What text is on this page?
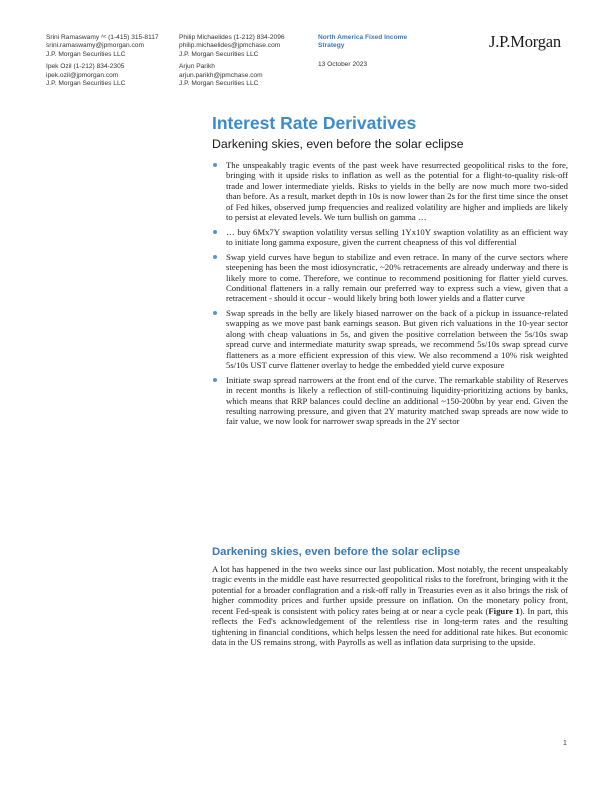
Srini Ramaswamy ᴬᶜ (1-415) 315-8117
srini.ramaswamy@jpmorgan.com
J.P. Morgan Securities LLC
Ipek Ozil (1-212) 834-2305
ipek.ozil@jpmorgan.com
J.P. Morgan Securities LLC
Philip Michaelides (1-212) 834-2096
philip.michaelides@jpmchase.com
J.P. Morgan Securities LLC
Arjun Parikh
arjun.parikh@jpmchase.com
J.P. Morgan Securities LLC
North America Fixed Income
Strategy
13 October 2023
J.P.Morgan
Interest Rate Derivatives
Darkening skies, even before the solar eclipse
The unspeakably tragic events of the past week have resurrected geopolitical risks to the fore, bringing with it upside risks to inflation as well as the potential for a flight-to-quality risk-off trade and lower intermediate yields. Risks to yields in the belly are now much more two-sided than before. As a result, market depth in 10s is now lower than 2s for the first time since the onset of Fed hikes, observed jump frequencies and realized volatility are higher and implieds are likely to persist at elevated levels. We turn bullish on gamma …
… buy 6Mx7Y swaption volatility versus selling 1Yx10Y swaption volatility as an efficient way to initiate long gamma exposure, given the current cheapness of this vol differential
Swap yield curves have begun to stabilize and even retrace. In many of the curve sectors where steepening has been the most idiosyncratic, ~20% retracements are already underway and there is likely more to come. Therefore, we continue to recommend positioning for flatter yield curves. Conditional flatteners in a rally remain our preferred way to express such a view, given that a retracement - should it occur - would likely bring both lower yields and a flatter curve
Swap spreads in the belly are likely biased narrower on the back of a pickup in issuance-related swapping as we move past bank earnings season. But given rich valuations in the 10-year sector along with cheap valuations in 5s, and given the positive correlation between the 5s/10s swap spread curve and intermediate maturity swap spreads, we recommend 5s/10s swap spread curve flatteners as a more efficient expression of this view. We also recommend a 10% risk weighted 5s/10s UST curve flattener overlay to hedge the embedded yield curve exposure
Initiate swap spread narrowers at the front end of the curve. The remarkable stability of Reserves in recent months is likely a reflection of still-continuing liquidity-prioritizing actions by banks, which means that RRP balances could decline an additional ~150-200bn by year end. Given the resulting narrowing pressure, and given that 2Y maturity matched swap spreads are now wide to fair value, we now look for narrower swap spreads in the 2Y sector
Darkening skies, even before the solar eclipse

A lot has happened in the two weeks since our last publication. Most notably, the recent unspeakably tragic events in the middle east have resurrected geopolitical risks to the forefront, bringing with it the potential for a broader conflagration and a risk-off rally in Treasuries even as it also brings the risk of higher commodity prices and further upside pressure on inflation. On the monetary policy front, recent Fed-speak is consistent with policy rates being at or near a cycle peak (Figure 1). In part, this reflects the Fed's acknowledgement of the relentless rise in long-term rates and the resulting tightening in financial conditions, which helps lessen the need for additional rate hikes. But economic data in the US remains strong, with Payrolls as well as inflation data surprising to the upside.

1
